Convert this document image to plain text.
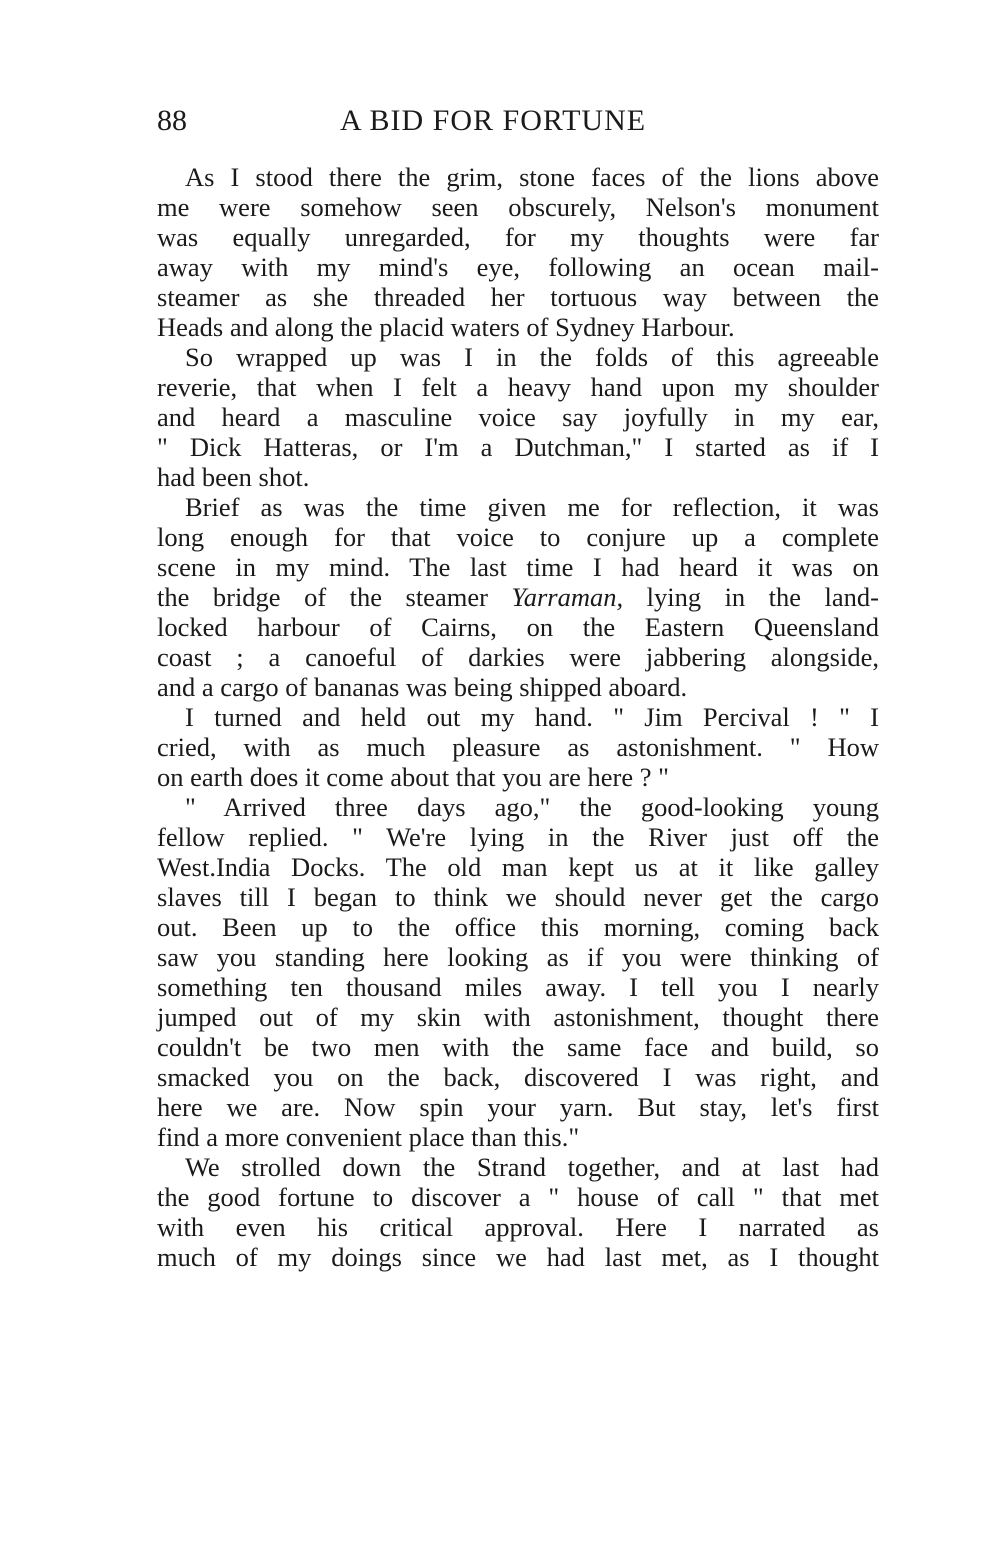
88	A BID FOR FORTUNE
As I stood there the grim, stone faces of the lions above
me were somehow seen obscurely, Nelson's monument
was equally unregarded, for my thoughts were far
away with my mind's eye, following an ocean mail-
steamer as she threaded her tortuous way between the
Heads and along the placid waters of Sydney Harbour.
So wrapped up was I in the folds of this agreeable
reverie, that when I felt a heavy hand upon my shoulder
and heard a masculine voice say joyfully in my ear,
" Dick Hatteras, or I'm a Dutchman," I started as if I
had been shot.
Brief as was the time given me for reflection, it was
long enough for that voice to conjure up a complete
scene in my mind. The last time I had heard it was on
the bridge of the steamer Yarraman, lying in the land-
locked harbour of Cairns, on the Eastern Queensland
coast ; a canoeful of darkies were jabbering alongside,
and a cargo of bananas was being shipped aboard.
I turned and held out my hand. " Jim Percival ! " I
cried, with as much pleasure as astonishment. " How
on earth does it come about that you are here ? "
" Arrived three days ago," the good-looking young
fellow replied. " We're lying in the River just off the
West.India Docks. The old man kept us at it like galley
slaves till I began to think we should never get the cargo
out. Been up to the office this morning, coming back
saw you standing here looking as if you were thinking of
something ten thousand miles away. I tell you I nearly
jumped out of my skin with astonishment, thought there
couldn't be two men with the same face and build, so
smacked you on the back, discovered I was right, and
here we are. Now spin your yarn. But stay, let's first
find a more convenient place than this."
We strolled down the Strand together, and at last had
the good fortune to discover a " house of call " that met
with even his critical approval. Here I narrated as
much of my doings since we had last met, as I thought
